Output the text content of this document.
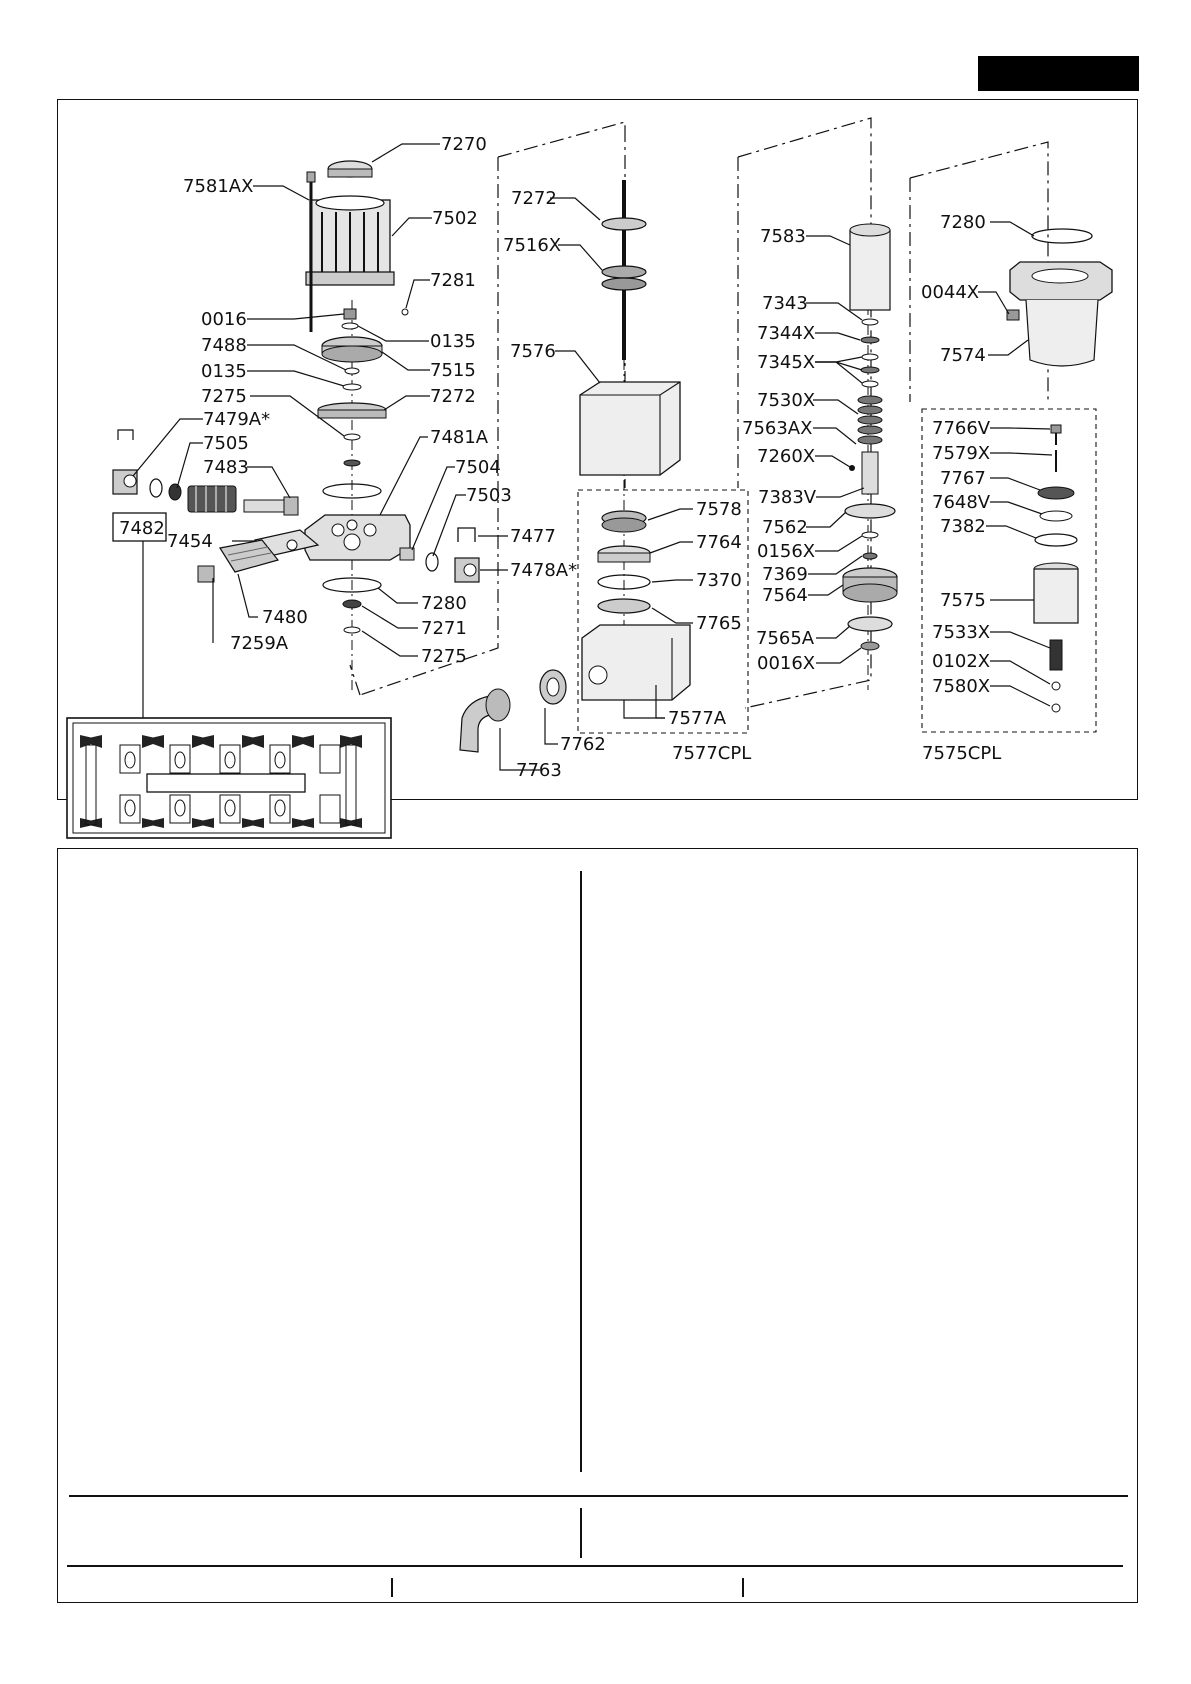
7270
7581AX
7502
7281
0016
0135
7488
7515
0135
7275	7272
7479A*
7505
7483
7481A
7504
7503
7482
7454	7477
7478A*
7480
7259A
7280
7271
7275
7272
7516X
7576
7578
7764
7370
7765
7577A
7762
7763
7577CPL
7583
7343
7344X
7345X
7530X
7563AX
7260X
7383V
7562
0156X
7369
7564
7565A
0016X
7280
0044X
7574
7766V
7579X
7767
7648V
7382
7575
7533X
0102X
7580X
7575CPL
